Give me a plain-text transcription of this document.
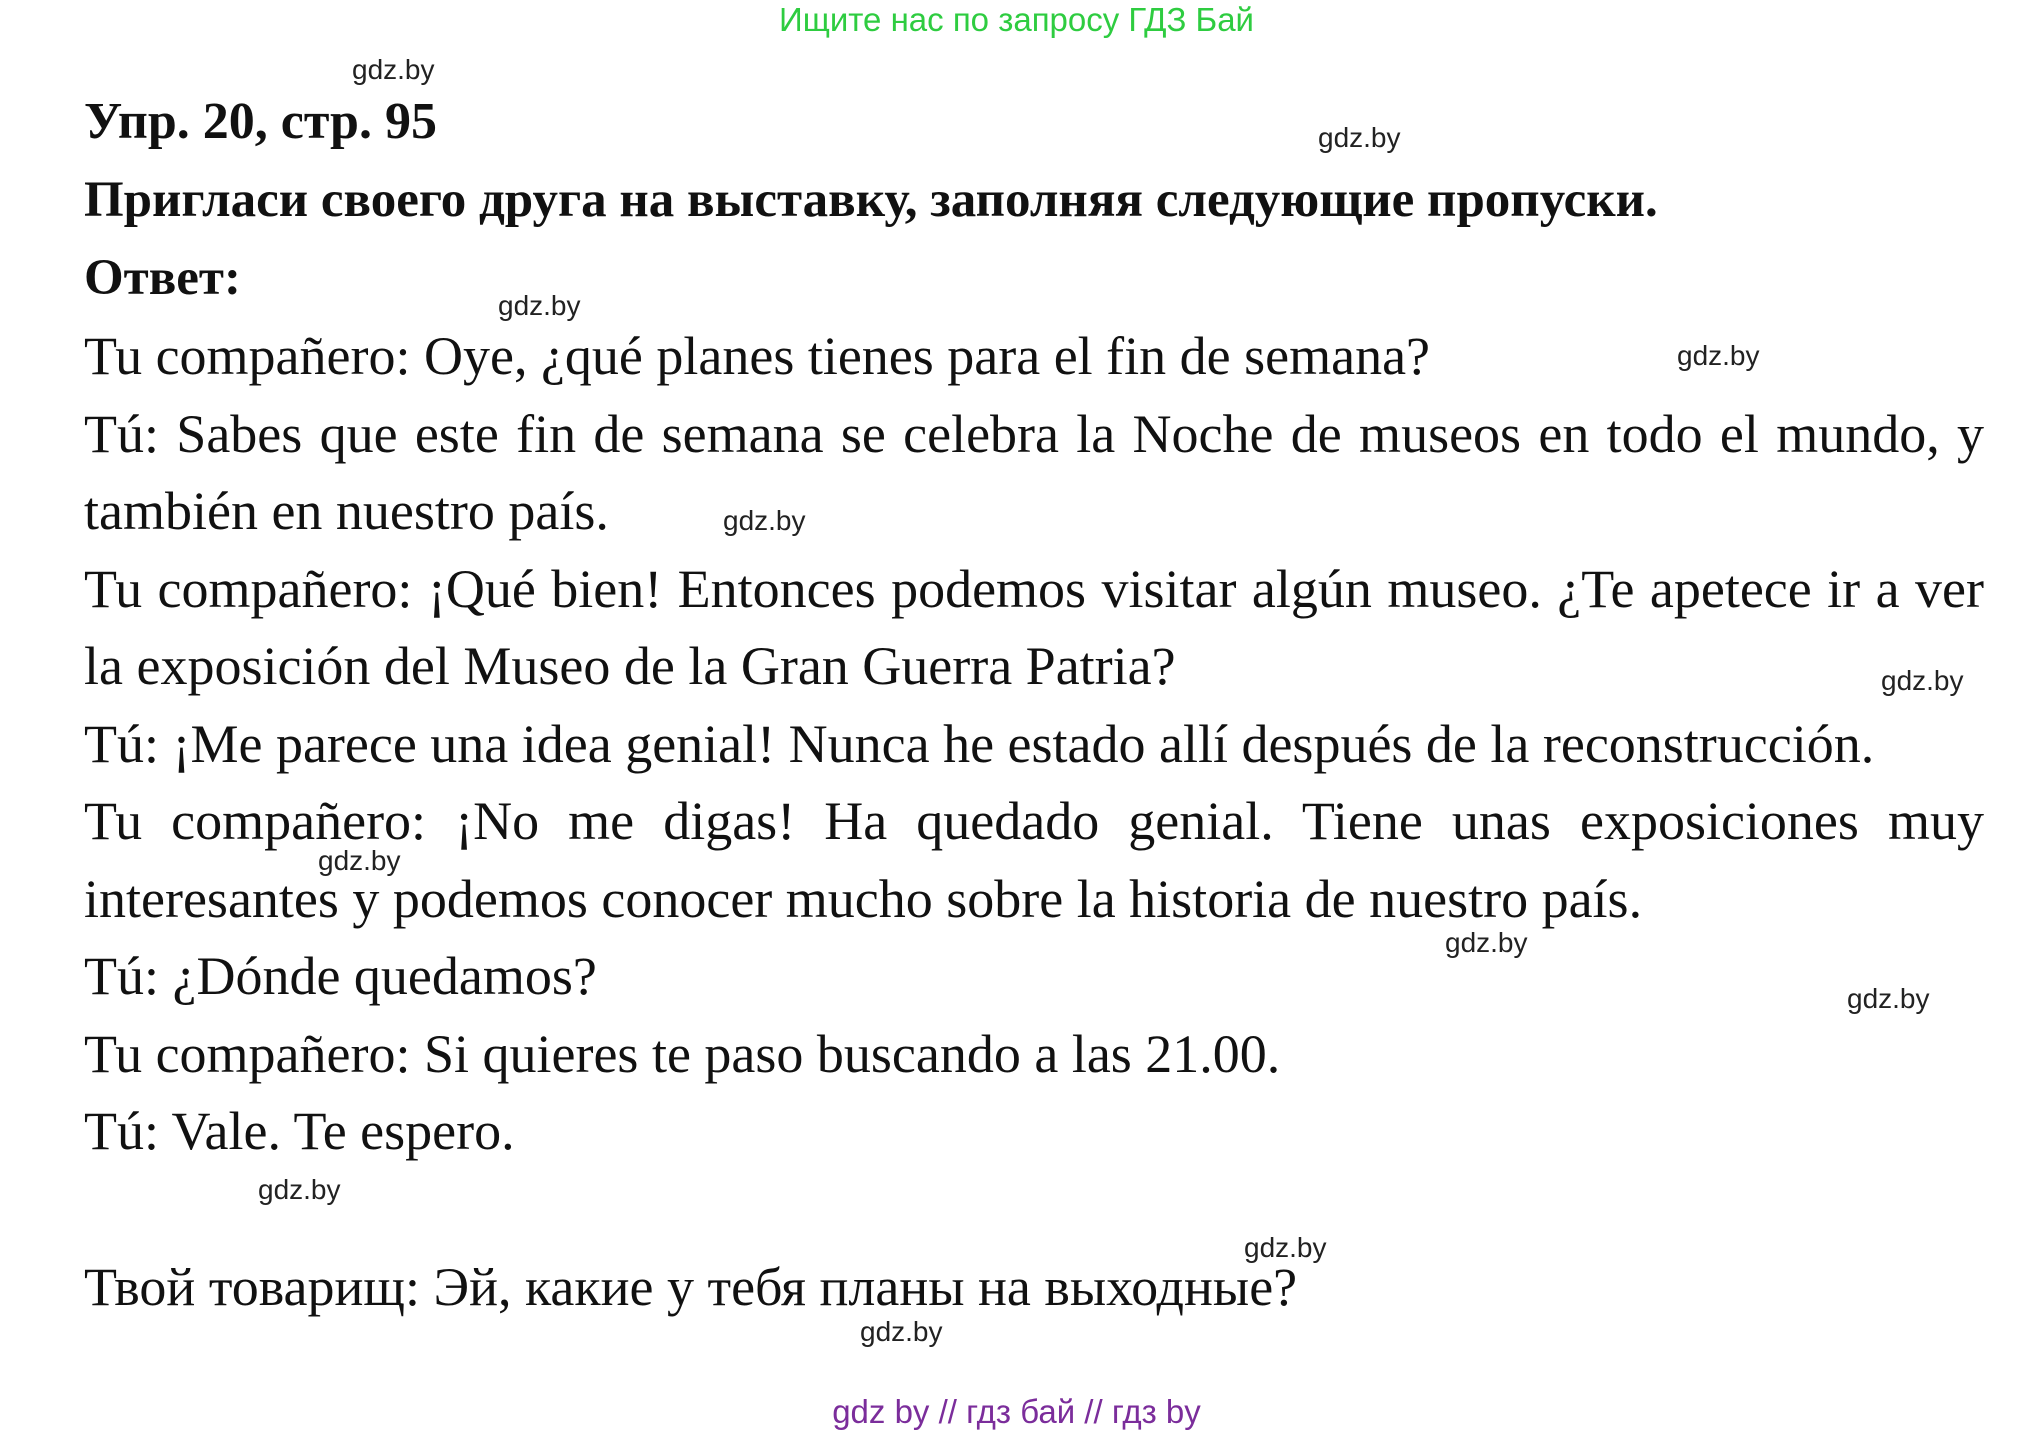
Ищите нас по запросу ГДЗ Бай
Упр. 20, стр. 95
Пригласи своего друга на выставку, заполняя следующие пропуски.
Ответ:
Tu compañero: Oye, ¿qué planes tienes para el fin de semana?
Tú: Sabes que este fin de semana se celebra la Noche de museos en todo el mundo, y también en nuestro país.
Tu compañero: ¡Qué bien! Entonces podemos visitar algún museo. ¿Te apetece ir a ver la exposición del Museo de la Gran Guerra Patria?
Tú: ¡Me parece una idea genial! Nunca he estado allí después de la reconstrucción.
Tu compañero: ¡No me digas! Ha quedado genial. Tiene unas exposiciones muy interesantes y podemos conocer mucho sobre la historia de nuestro país.
Tú: ¿Dónde quedamos?
Tu compañero: Si quieres te paso buscando a las 21.00.
Tú: Vale. Te espero.
Твой товарищ: Эй, какие у тебя планы на выходные?
gdz.by
gdz.by
gdz.by
gdz.by
gdz.by
gdz.by
gdz.by
gdz.by
gdz.by
gdz.by
gdz.by
gdz.by
gdz by // гдз бай // гдз by
